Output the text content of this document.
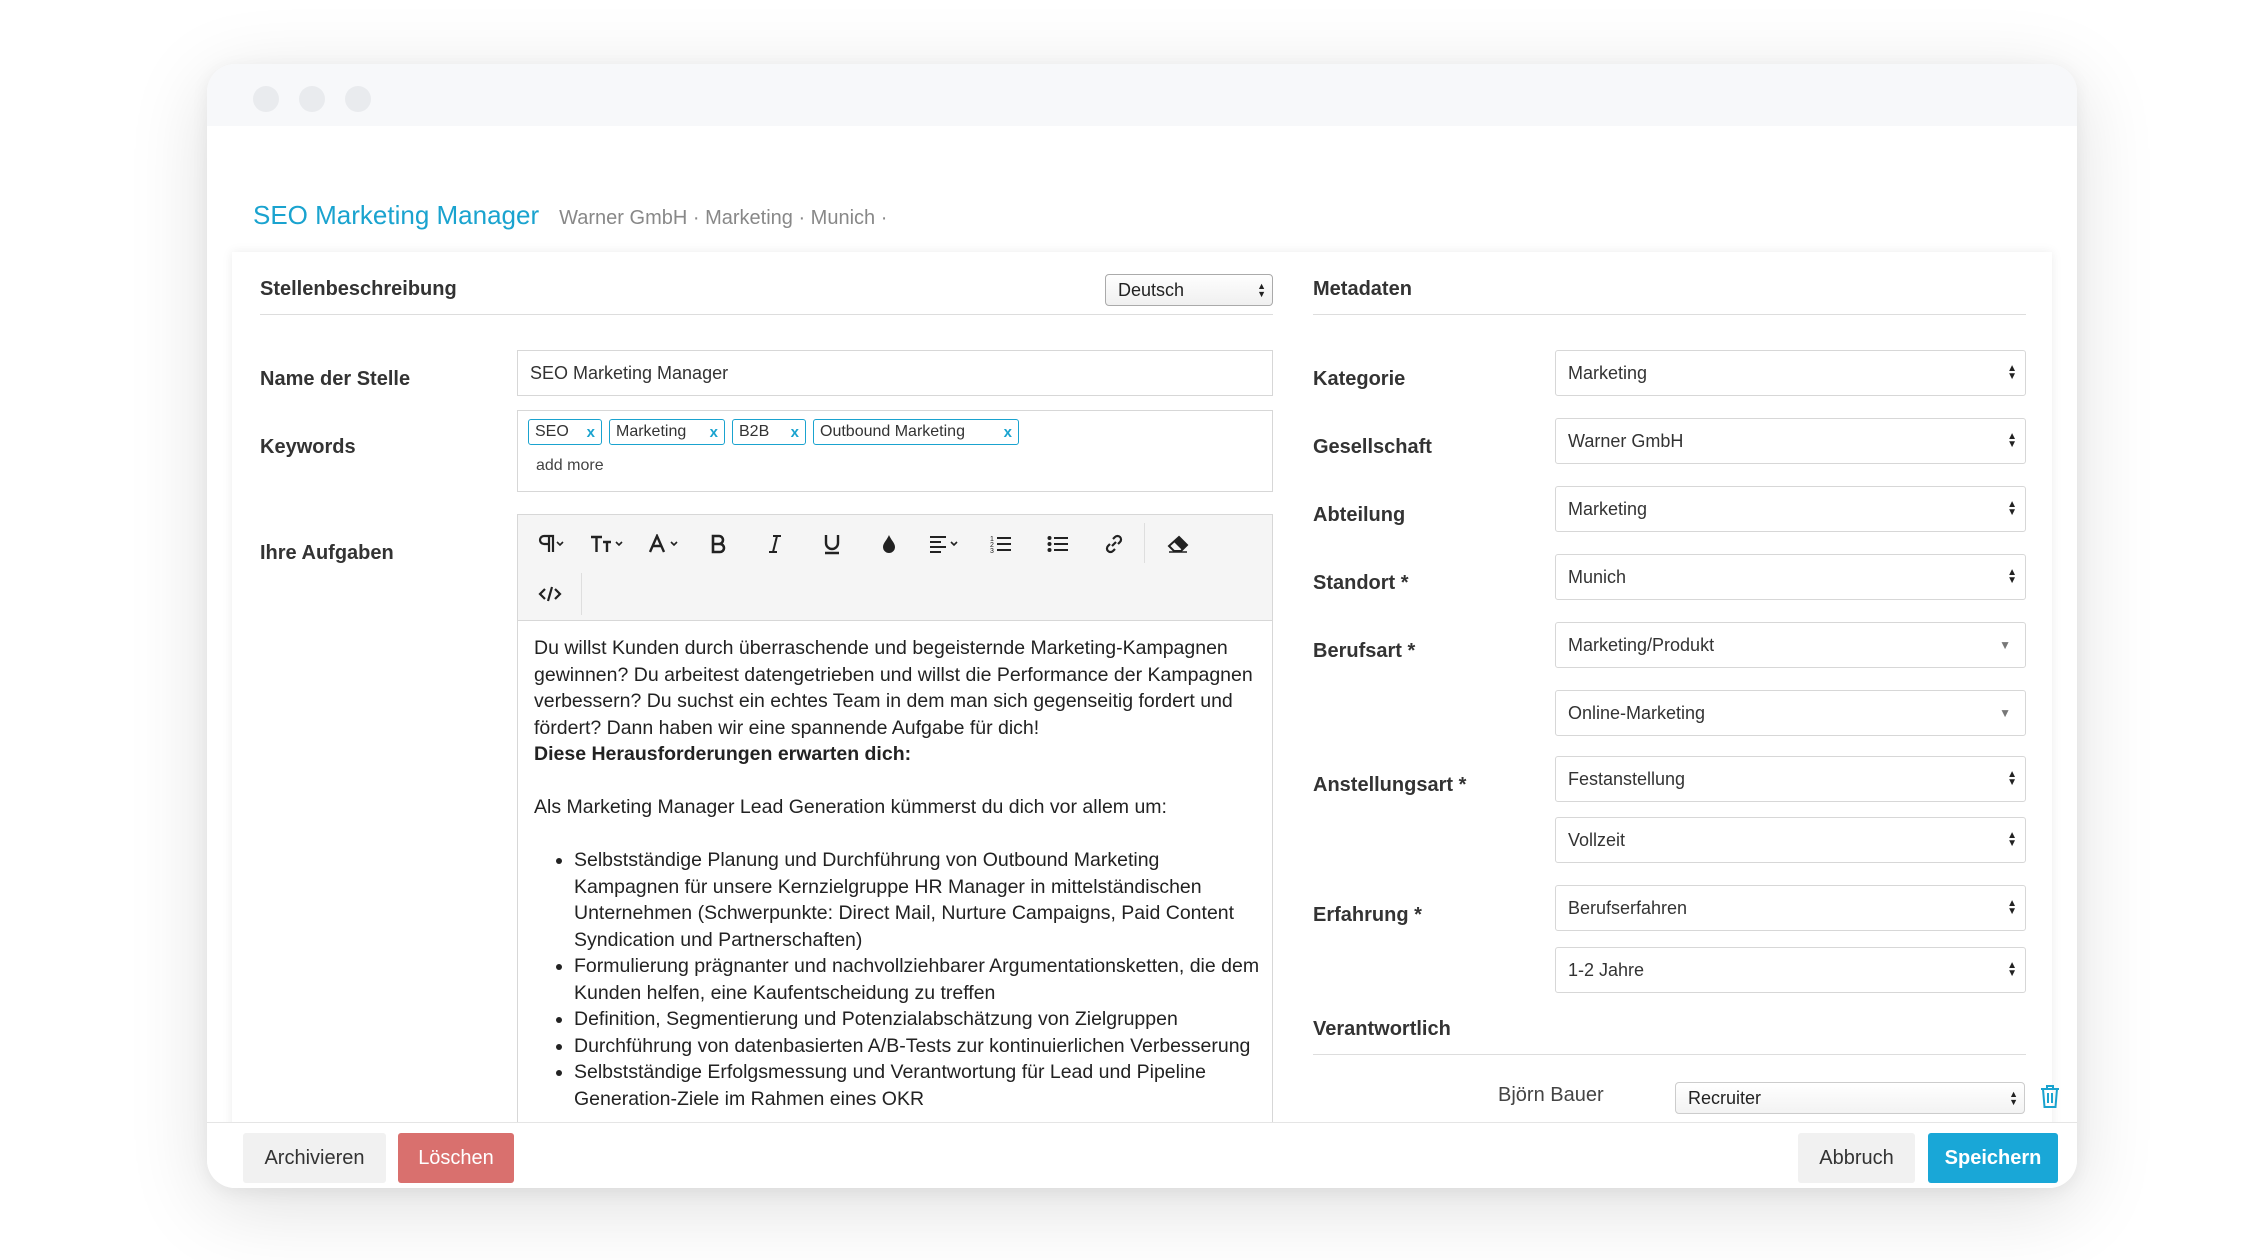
SEO Marketing Manager Warner GmbH · Marketing · Munich ·
Stellenbeschreibung	Deutsch	▲
▼
Name der Stelle	SEO Marketing Manager
Keywords
SEO x Marketing x B2B x Outbound Marketing	x
add more
Ihre Aufgaben
1
2
3

Du willst Kunden durch überraschende und begeisternde Marketing-Kampagnen gewinnen? Du arbeitest datengetrieben und willst die Performance der Kampagnen verbessern? Du suchst ein echtes Team in dem man sich gegenseitig fordert und fördert? Dann haben wir eine spannende Aufgabe für dich!

Diese Herausforderungen erwarten dich:

Als Marketing Manager Lead Generation kümmerst du dich vor allem um:

• Selbstständige Planung und Durchführung von Outbound Marketing Kampagnen für unsere Kernzielgruppe HR Manager in mittelständischen Unternehmen (Schwerpunkte: Direct Mail, Nurture Campaigns, Paid Content Syndication und Partnerschaften)
• Formulierung prägnanter und nachvollziehbarer Argumentationsketten, die dem Kunden helfen, eine Kaufentscheidung zu treffen
• Definition, Segmentierung und Potenzialabschätzung von Zielgruppen
• Durchführung von datenbasierten A/B-Tests zur kontinuierlichen Verbesserung
• Selbstständige Erfolgsmessung und Verantwortung für Lead und Pipeline Generation-Ziele im Rahmen eines OKR
Metadaten
Kategorie	Marketing	▲
▼
Gesellschaft	Warner GmbH	▲
▼
Abteilung	Marketing	▲
▼
Standort *	Munich	▲
▼
Berufsart *	Marketing/Produkt	▼
Online-Marketing	▼
Anstellungsart *	Festanstellung	▲
▼
Vollzeit	▲
▼
Erfahrung *	Berufserfahren	▲
▼
1-2 Jahre	▲
▼
Verantwortlich
Björn Bauer	Recruiter	▲
▼
Archivieren	Löschen	Abbruch	Speichern
